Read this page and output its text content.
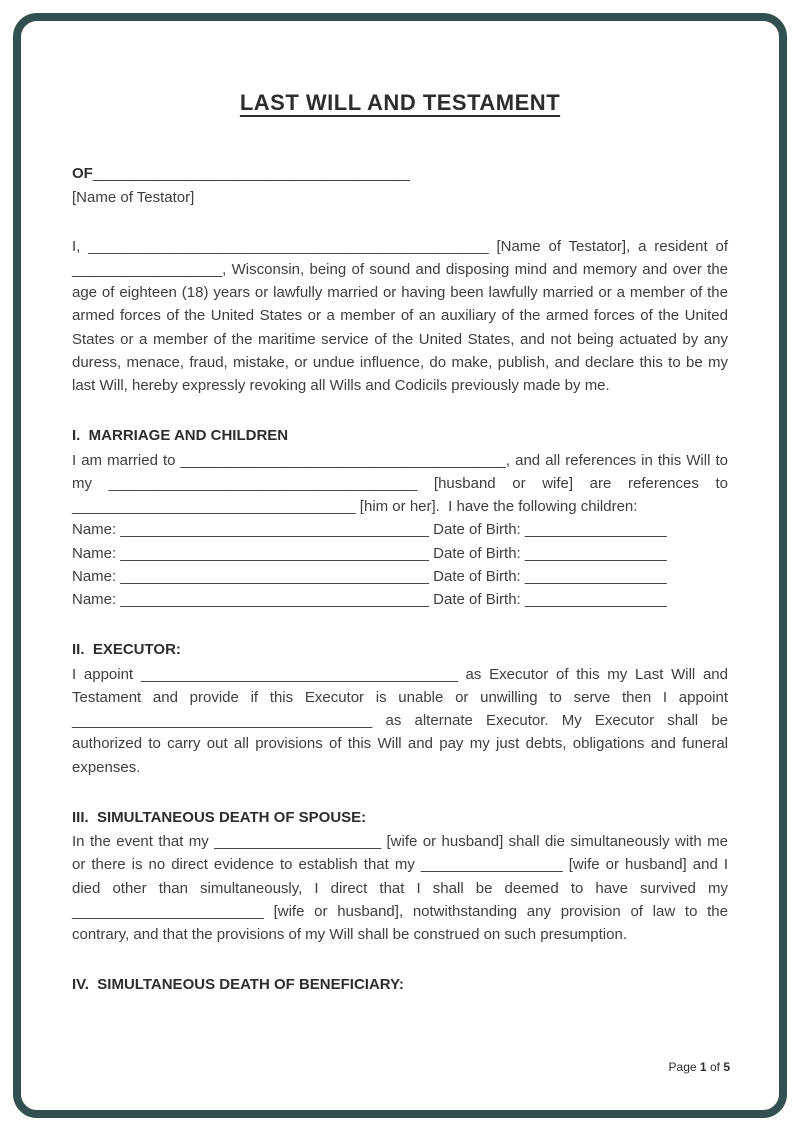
LAST WILL AND TESTAMENT
OF______________________________________
[Name of Testator]

I, ________________________________________________ [Name of Testator], a resident of __________________, Wisconsin, being of sound and disposing mind and memory and over the age of eighteen (18) years or lawfully married or having been lawfully married or a member of the armed forces of the United States or a member of an auxiliary of the armed forces of the United States or a member of the maritime service of the United States, and not being actuated by any duress, menace, fraud, mistake, or undue influence, do make, publish, and declare this to be my last Will, hereby expressly revoking all Wills and Codicils previously made by me.

I.  MARRIAGE AND CHILDREN

I am married to _______________________________________, and all references in this Will to my _____________________________________ [husband or wife] are references to __________________________________ [him or her].  I have the following children:

Name: _____________________________________ Date of Birth: _________________
Name: _____________________________________ Date of Birth: _________________
Name: _____________________________________ Date of Birth: _________________
Name: _____________________________________ Date of Birth: _________________
II.  EXECUTOR:

I appoint ______________________________________ as Executor of this my Last Will and Testament and provide if this Executor is unable or unwilling to serve then I appoint ____________________________________ as alternate Executor. My Executor shall be authorized to carry out all provisions of this Will and pay my just debts, obligations and funeral expenses.

III.  SIMULTANEOUS DEATH OF SPOUSE:

In the event that my ____________________ [wife or husband] shall die simultaneously with me or there is no direct evidence to establish that my _________________ [wife or husband] and I died other than simultaneously, I direct that I shall be deemed to have survived my _______________________ [wife or husband], notwithstanding any provision of law to the contrary, and that the provisions of my Will shall be construed on such presumption.

IV.  SIMULTANEOUS DEATH OF BENEFICIARY:
Page 1 of 5
